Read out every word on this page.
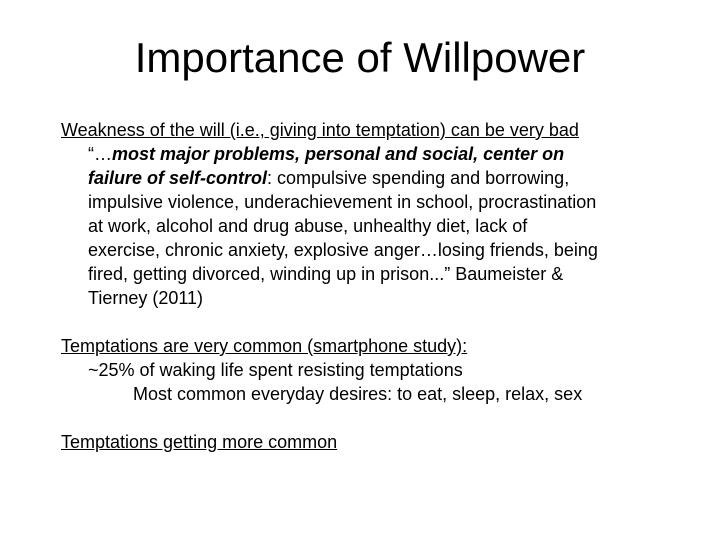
Importance of Willpower

Weakness of the will (i.e., giving into temptation) can be very bad

“…most major problems, personal and social, center on

failure of self-control: compulsive spending and borrowing,

impulsive violence, underachievement in school, procrastination

at work, alcohol and drug abuse, unhealthy diet, lack of

exercise, chronic anxiety, explosive anger…losing friends, being

fired, getting divorced, winding up in prison...” Baumeister &

Tierney (2011)

Temptations are very common (smartphone study):

~25% of waking life spent resisting temptations

Most common everyday desires: to eat, sleep, relax, sex

Temptations getting more common
